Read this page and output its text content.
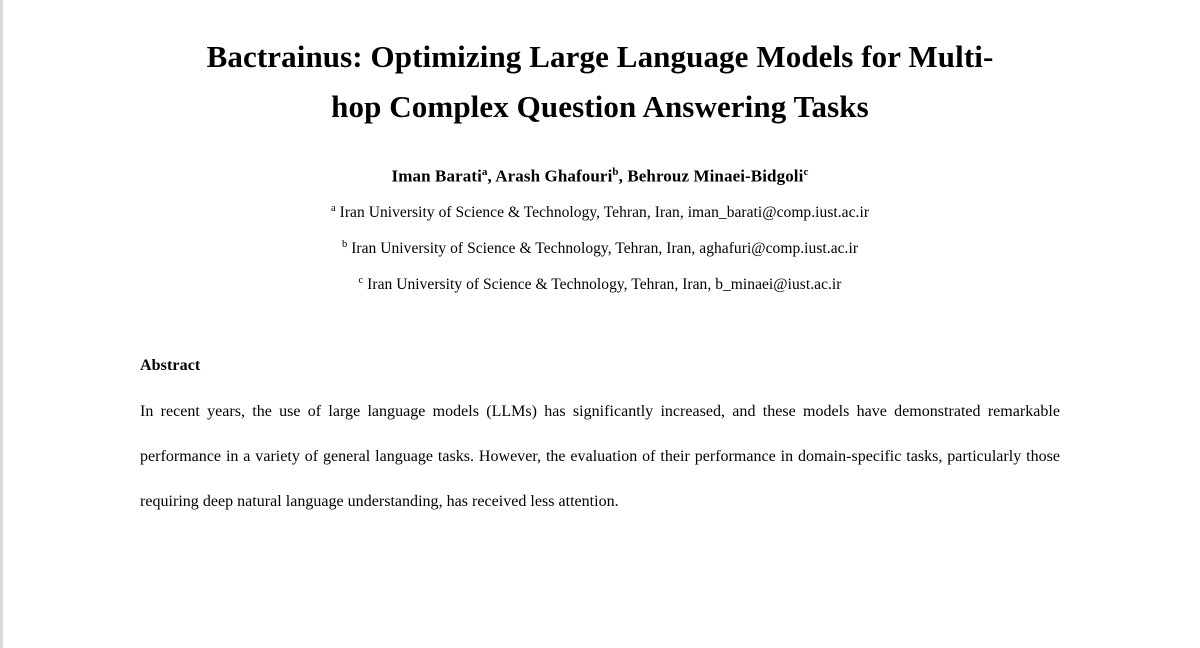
Bactrainus: Optimizing Large Language Models for Multi-
hop Complex Question Answering Tasks
Iman Barati$^a$, Arash Ghafouri$^b$, Behrouz Minaei-Bidgoli$^c$
$^a$ Iran University of Science & Technology, Tehran, Iran, iman_barati@comp.iust.ac.ir
$^b$ Iran University of Science & Technology, Tehran, Iran, aghafuri@comp.iust.ac.ir
$^c$ Iran University of Science & Technology, Tehran, Iran, b_minaei@iust.ac.ir
Abstract
In recent years, the use of large language models (LLMs) has significantly increased, and these models have demonstrated remarkable performance in a variety of general language tasks. However, the evaluation of their performance in domain-specific tasks, particularly those requiring deep natural language understanding, has received less attention.
